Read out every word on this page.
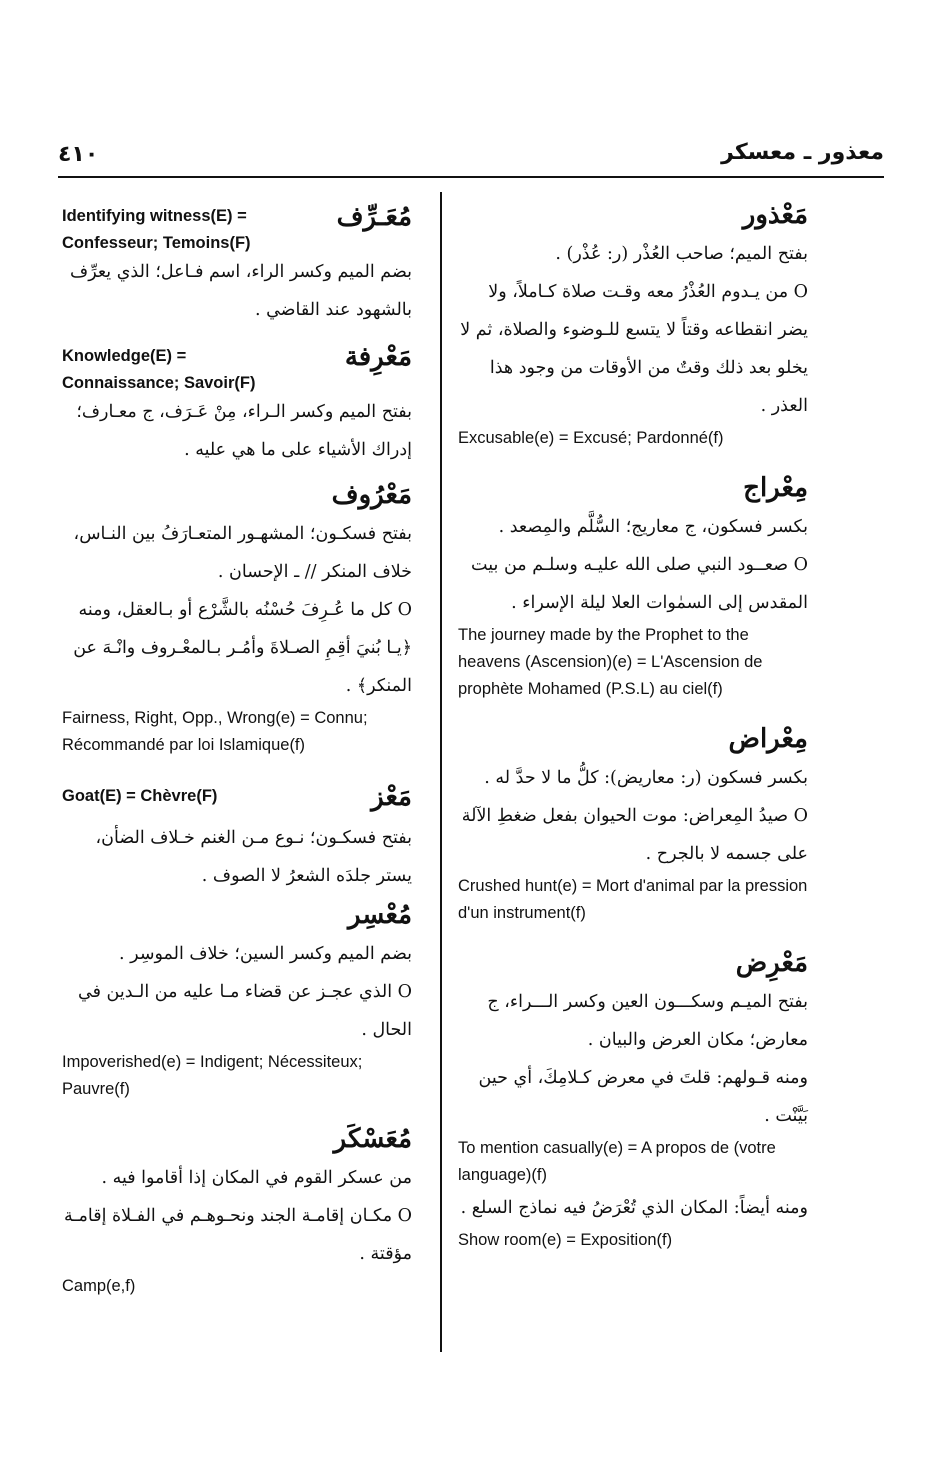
٤١٠	معذور ـ معسكر
مَعْذور
بفتح الميم؛ صاحب العُذْر (ر: عُذْر) .
O من يـدوم العُذْرُ معه وقـت صلاة كـاملاً، ولا يضر انقطاعه وقتاً لا يتسع للـوضوء والصلاة، ثم لا يخلو بعد ذلك وقتٌ من الأوقات من وجود هذا العذر .
Excusable(e) = Excusé; Pardonné(f)
مِعْراج
بكسر فسكون، ج معاريج؛ السُّلَّم والمِصعد .
O صعــود النبي صلى الله عليـه وسلـم من بيت المقدس إلى السمٰوات العلا ليلة الإسراء .
The journey made by the Prophet to the heavens (Ascension)(e) = L'Ascension de prophète Mohamed (P.S.L) au ciel(f)
مِعْراض
بكسر فسكون (ر: معاريض): كلُّ ما لا حدَّ له .
O صيدُ المِعراض: موت الحيوان بفعل ضغطِ الآلة على جسمه لا بالجرح .
Crushed hunt(e) = Mort d'animal par la pression d'un instrument(f)
مَعْرِض
بفتح الميـم وسكـــون العين وكسر الـــراء، ج معارض؛ مكان العرض والبيان .
ومنه قـولهم: قلتَ في معرض كـلامِكَ، أي حين بَيَّنْت .
To mention casually(e) = A propos de (votre language)(f)
ومنه أيضاً: المكان الذي تُعْرَضُ فيه نماذج السلع .
Show room(e) = Exposition(f)
Identifying witness(E) = Confesseur; Temoins(F)
مُعَـرِّف
بضم الميم وكسر الراء، اسم فـاعل؛ الذي يعرِّف بالشهود عند القاضي .
Knowledge(E) = Connaissance; Savoir(F)
مَعْرِفة
بفتح الميم وكسر الـراء، مِنْ عَـرَف، ج معـارف؛ إدراك الأشياء على ما هي عليه .
مَعْرُوف
بفتح فسكـون؛ المشهـور المتعـارَفُ بين النـاس، خلاف المنكر // ـ الإحسان .
O كل ما عُـرِفَ حُسْنُه بالشَّرْع أو بـالعقل، ومنه ﴿يـا بُنيَ أقِمِ الصـلاةَ وأمُـر بـالمعْـروف وانْـهَ عن المنكر﴾ .
Fairness, Right, Opp., Wrong(e) = Connu; Récommandé par loi Islamique(f)
Goat(E) = Chèvre(F)	مَعْز
بفتح فسكـون؛ نـوع مـن الغنم خـلاف الضأن، يستر جلدَه الشعرُ لا الصوف .
مُعْسِر
بضم الميم وكسر السين؛ خلاف الموسِر .
O الذي عجـز عن قضاء مـا عليه من الـدين في الحال .
Impoverished(e) = Indigent; Nécessiteux; Pauvre(f)
مُعَسْكَر
من عسكر القوم في المكان إذا أقاموا فيه .
O مكـان إقامـة الجند ونحـوهـم في الفـلاة إقامـة مؤقتة .
Camp(e,f)
